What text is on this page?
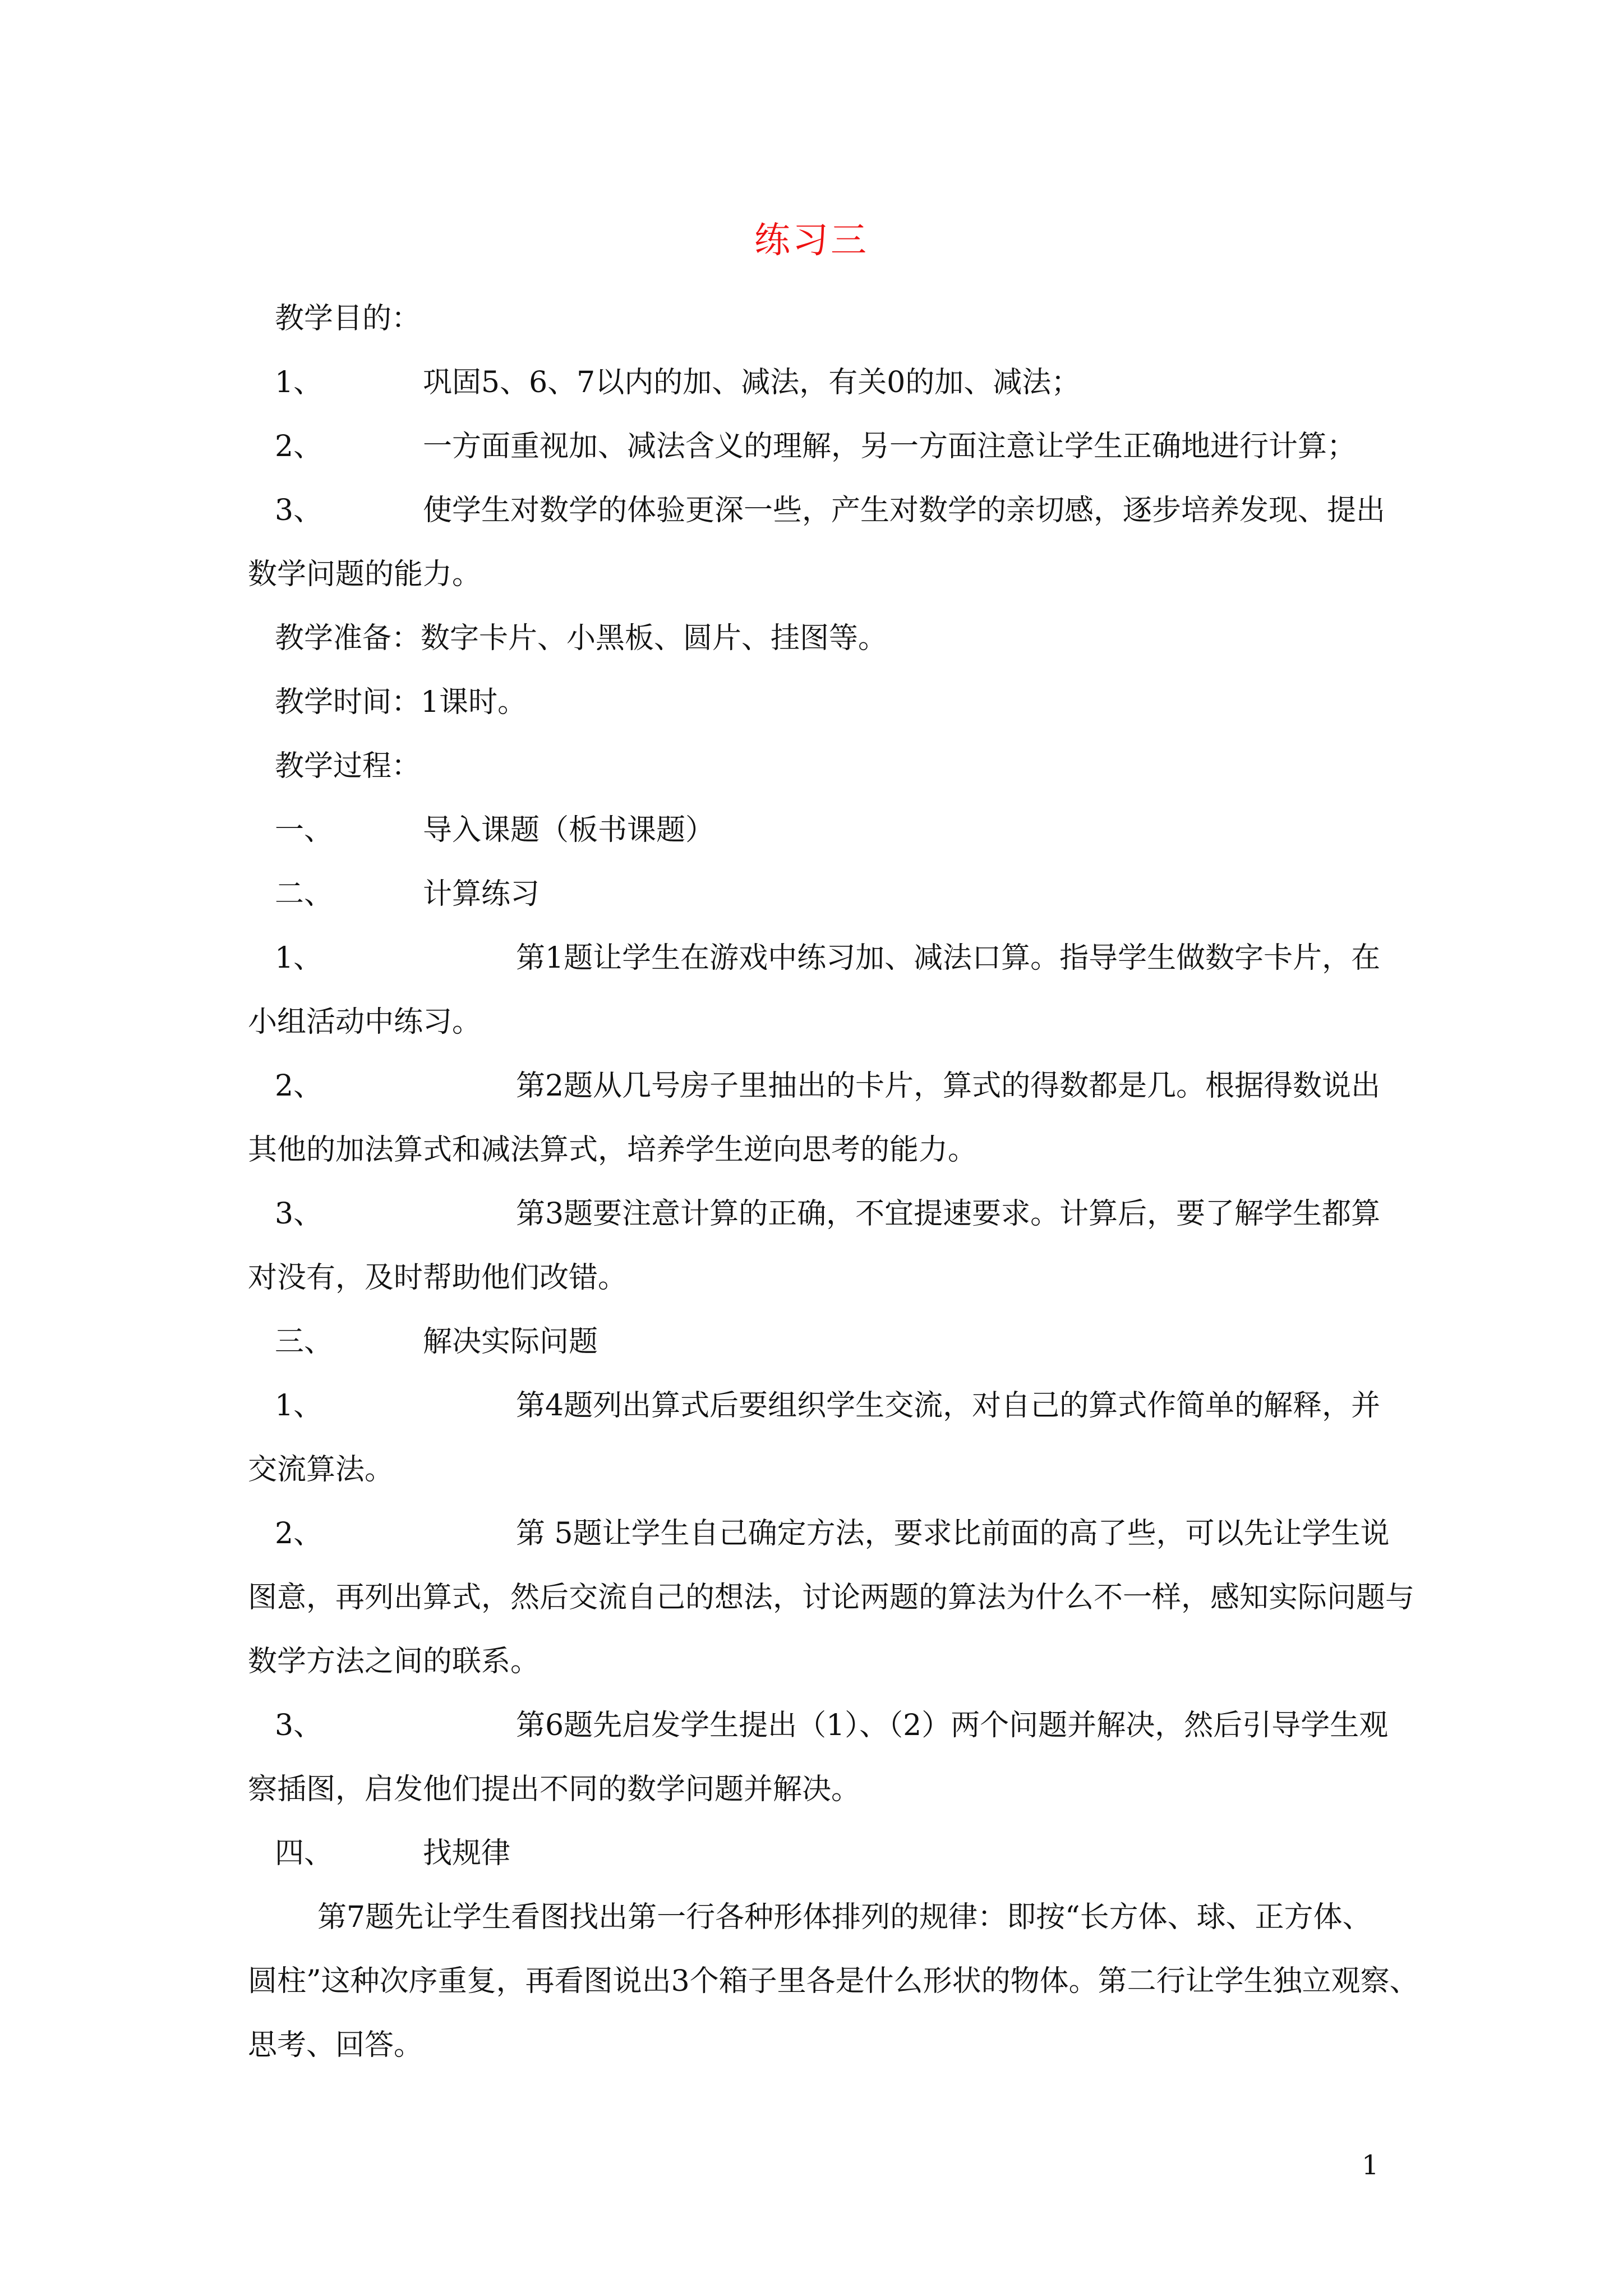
练习三
教学目的：
1、	巩固5、6、7以内的加、减法，有关0的加、减法；
2、	一方面重视加、减法含义的理解，另一方面注意让学生正确地进行计算；
3、	使学生对数学的体验更深一些，产生对数学的亲切感，逐步培养发现、提出
数学问题的能力。
教学准备：数字卡片、小黑板、圆片、挂图等。
教学时间：1课时。
教学过程：
一、	导入课题（板书课题）
二、	计算练习
1、	第1题让学生在游戏中练习加、减法口算。指导学生做数字卡片，在
小组活动中练习。
2、	第2题从几号房子里抽出的卡片，算式的得数都是几。根据得数说出
其他的加法算式和减法算式，培养学生逆向思考的能力。
3、	第3题要注意计算的正确，不宜提速要求。计算后，要了解学生都算
对没有，及时帮助他们改错。
三、	解决实际问题
1、	第4题列出算式后要组织学生交流，对自己的算式作简单的解释，并
交流算法。
2、	第 5题让学生自己确定方法，要求比前面的高了些，可以先让学生说
图意，再列出算式，然后交流自己的想法，讨论两题的算法为什么不一样，感知实际问题与
数学方法之间的联系。
3、	第6题先启发学生提出（1）、（2）两个问题并解决，然后引导学生观
察插图，启发他们提出不同的数学问题并解决。
四、	找规律
第7题先让学生看图找出第一行各种形体排列的规律：即按“长方体、球、正方体、
圆柱”这种次序重复，再看图说出3个箱子里各是什么形状的物体。第二行让学生独立观察、
思考、回答。
1
